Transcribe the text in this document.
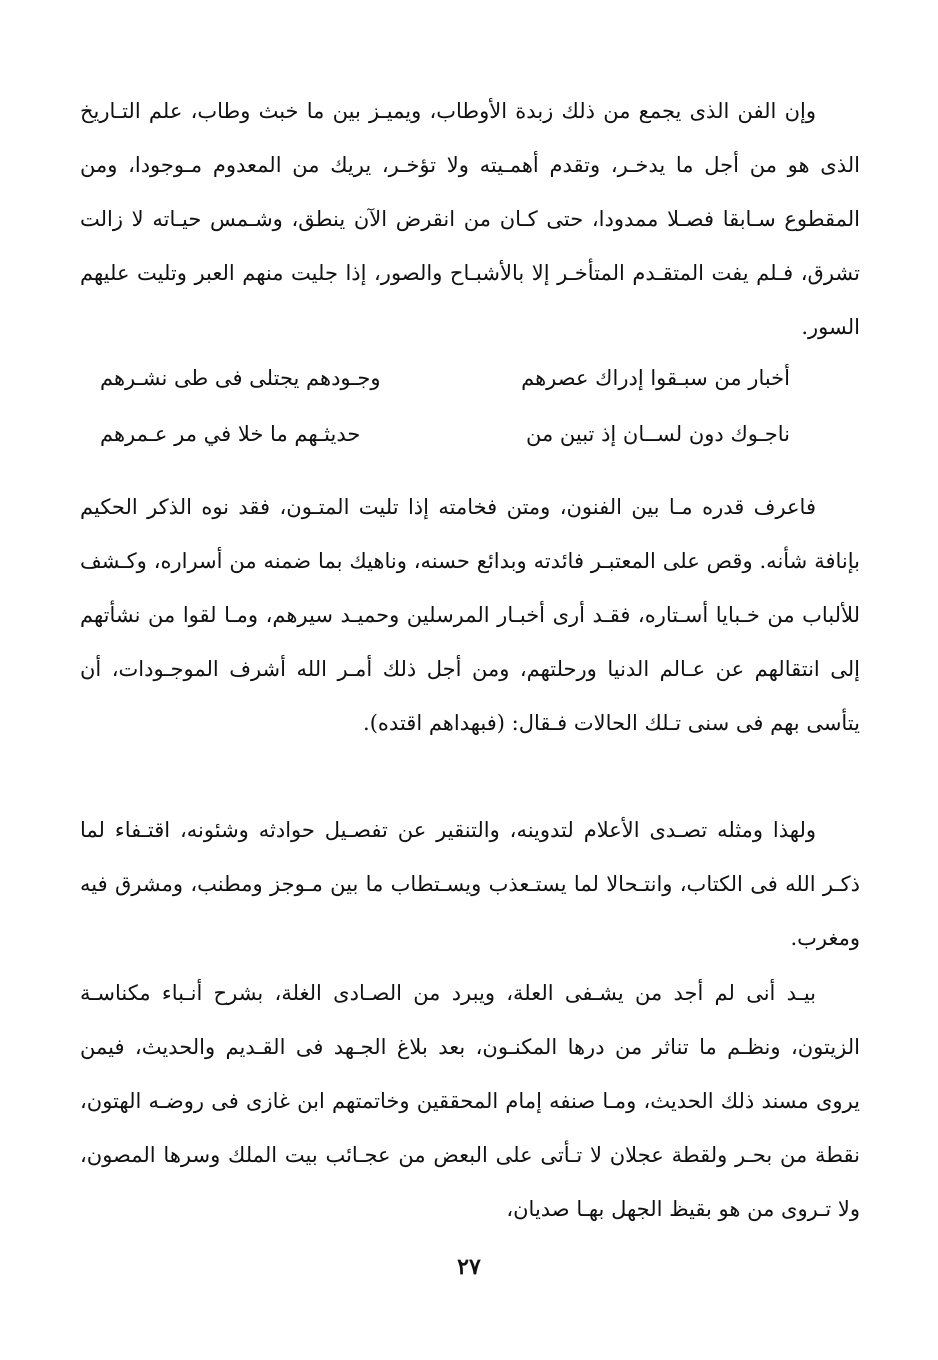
وإن الفن الذى يجمع من ذلك زبدة الأوطاب، ويميـز بين ما خبث وطاب، علم التـاريخ الذى هو من أجل ما يدخـر، وتقدم أهمـيته ولا تؤخـر، يريك من المعدوم مـوجودا، ومن المقطوع سـابقا فصـلا ممدودا، حتى كـان من انقرض الآن ينطق، وشـمس حيـاته لا زالت تشرق، فـلم يفت المتقـدم المتأخـر إلا بالأشبـاح والصور، إذا جليت منهم العبر وتليت عليهم السور.

أخبار من سبـقوا إدراك عصرهم
وجـودهم يجتلى فى طى نشـرهم
ناجـوك دون لســان إذ تبين من
حديثـهم ما خلا في مر عـمرهم

فاعرف قدره مـا بين الفنون، ومتن فخامته إذا تليت المتـون، فقد نوه الذكر الحكيم بإنافة شأنه. وقص على المعتبـر فائدته وبدائع حسنه، وناهيك بما ضمنه من أسراره، وكـشف للألباب من خـبايا أسـتاره، فقـد أرى أخبـار المرسلين وحميـد سيرهم، ومـا لقوا من نشأتهم إلى انتقالهم عن عـالم الدنيا ورحلتهم، ومن أجل ذلك أمـر الله أشرف الموجـودات، أن يتأسى بهم فى سنى تـلك الحالات فـقال: (فبهداهم اقتده).

ولهذا ومثله تصـدى الأعلام لتدوينه، والتنقير عن تفصـيل حوادثه وشئونه، اقتـفاء لما ذكـر الله فى الكتاب، وانتـحالا لما يستـعذب ويسـتطاب ما بين مـوجز ومطنب، ومشرق فيه ومغرب.

بيـد أنى لم أجد من يشـفى العلة، ويبرد من الصـادى الغلة، بشرح أنـباء مكناسـة الزيتون، ونظـم ما تناثر من درها المكنـون، بعد بلاغ الجـهد فى القـديم والحديث، فيمن يروى مسند ذلك الحديث، ومـا صنفه إمام المحققين وخاتمتهم ابن غازى فى روضـه الهتون، نقطة من بحـر ولقطة عجلان لا تـأتى على البعض من عجـائب بيت الملك وسرها المصون، ولا تـروى من هو بقيظ الجهل بهـا صديان،

٢٧
